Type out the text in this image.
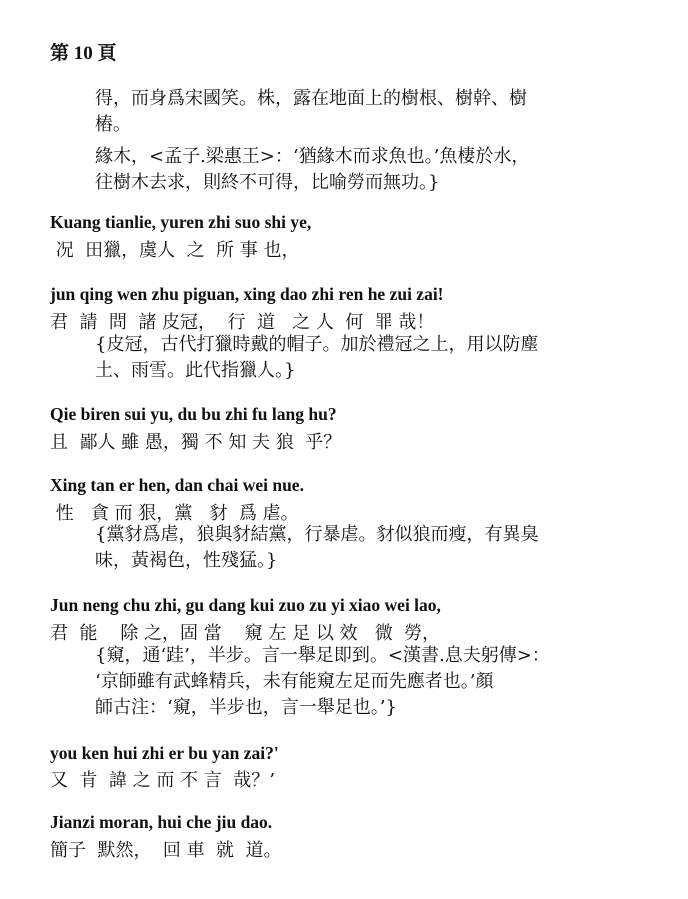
第 10 頁
得，而身爲宋國笑。株，露在地面上的樹根、樹幹、樹
樁。
緣木，<孟子.梁惠王>：‘猶緣木而求魚也。’魚棲於水，
往樹木去求，則終不可得，比喻勞而無功。}
Kuang tianlie, yuren zhi suo shi ye,
况  田獵，虞人  之  所 事 也，
jun qing wen zhu piguan, xing dao zhi ren he zui zai!
君  請  問  諸 皮冠，  行  道   之 人  何  罪 哉！
{皮冠，古代打獵時戴的帽子。加於禮冠之上，用以防塵
土、雨雪。此代指獵人。}
Qie biren sui yu, du bu zhi fu lang hu?
且  鄙人 雖 愚，獨 不 知 夫 狼  乎？
Xing tan er hen, dan chai wei nue.
性   貪 而 狠，黨   豺  爲 虐。
{黨豺爲虐，狼與豺結黨，行暴虐。豺似狼而瘦，有異臭
味，黃褐色，性殘猛。}
Jun neng chu zhi, gu dang kui zuo zu yi xiao wei lao,
君  能    除 之，固 當    窺 左 足 以 效   微  勞，
{窺，通‘跬’，半步。言一舉足即到。<漢書.息夫躬傳>：
‘京師雖有武蜂精兵，未有能窺左足而先應者也。’顏
師古注：‘窺，半步也，言一舉足也。’}
you ken hui zhi er bu yan zai?'
又  肯  諱 之 而 不 言  哉？’
Jianzi moran, hui che jiu dao.
簡子  默然，  回 車  就  道。
